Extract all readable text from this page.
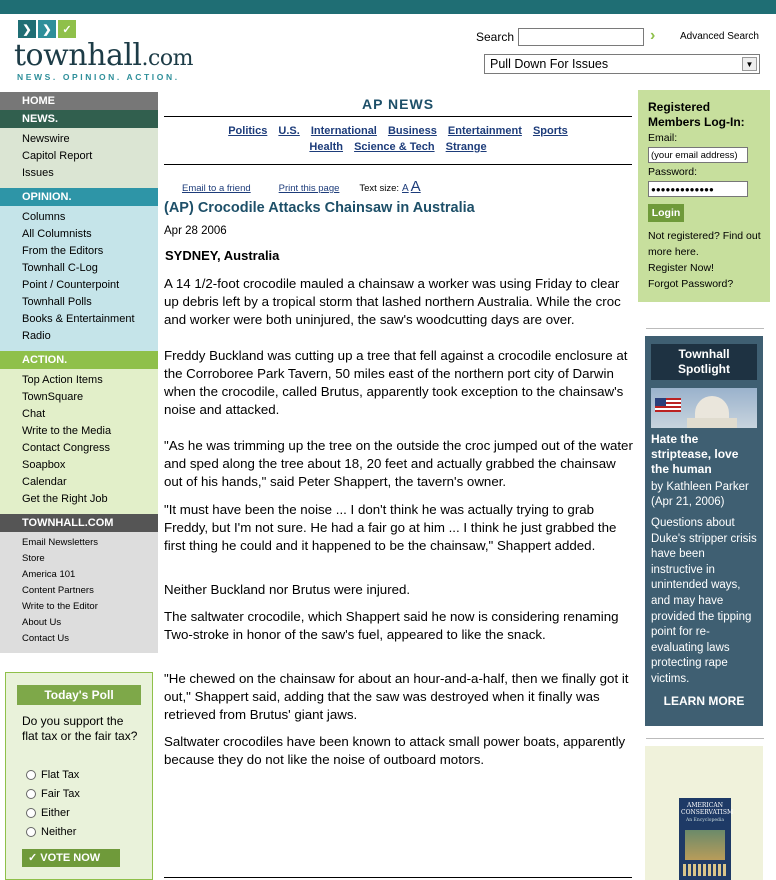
❯ ❯ ✓
townhall.com
NEWS. OPINION. ACTION.
Search	› Advanced Search
Pull Down For Issues	▼
HOME
NEWS.
Newswire
Capitol Report
Issues
OPINION.
Columns
All Columnists
From the Editors
Townhall C-Log
Point / Counterpoint
Townhall Polls
Books & Entertainment
Radio
ACTION.
Top Action Items
TownSquare
Chat
Write to the Media
Contact Congress
Soapbox
Calendar
Get the Right Job
TOWNHALL.COM
Email Newsletters
Store
America 101
Content Partners
Write to the Editor
About Us
Contact Us
Today's Poll
Do you support the flat tax or the fair tax?
Flat Tax
Fair Tax
Either
Neither
✓ VOTE NOW
AP NEWS
Politics U.S. International Business Entertainment Sports
Health Science & Tech Strange
Email to a friend	Print this page Text size: A A
(AP) Crocodile Attacks Chainsaw in Australia
Apr 28 2006
SYDNEY, Australia
A 14 1/2-foot crocodile mauled a chainsaw a worker was using Friday to clear up debris left by a tropical storm that lashed northern Australia. While the croc and worker were both uninjured, the saw's woodcutting days are over.
Freddy Buckland was cutting up a tree that fell against a crocodile enclosure at the Corroboree Park Tavern, 50 miles east of the northern port city of Darwin when the crocodile, called Brutus, apparently took exception to the chainsaw's noise and attacked.
"As he was trimming up the tree on the outside the croc jumped out of the water and sped along the tree about 18, 20 feet and actually grabbed the chainsaw out of his hands," said Peter Shappert, the tavern's owner.
"It must have been the noise ... I don't think he was actually trying to grab Freddy, but I'm not sure. He had a fair go at him ... I think he just grabbed the first thing he could and it happened to be the chainsaw," Shappert added.
Neither Buckland nor Brutus were injured.
The saltwater crocodile, which Shappert said he now is considering renaming Two-stroke in honor of the saw's fuel, appeared to like the snack.
"He chewed on the chainsaw for about an hour-and-a-half, then we finally got it out," Shappert said, adding that the saw was destroyed when it finally was retrieved from Brutus' giant jaws.
Saltwater crocodiles have been known to attack small power boats, apparently because they do not like the noise of outboard motors.
Registered Members Log-In:
Email:
(your email address)
Password:
●●●●●●●●●●●●●
Login
Not registered? Find out more here.
Register Now!
Forgot Password?
Townhall Spotlight
Hate the striptease, love the human
by Kathleen Parker (Apr 21, 2006)
Questions about Duke's stripper crisis have been instructive in unintended ways, and may have provided the tipping point for re-evaluating laws protecting rape victims.
LEARN MORE
AMERICAN CONSERVATISM
An Encyclopedia
